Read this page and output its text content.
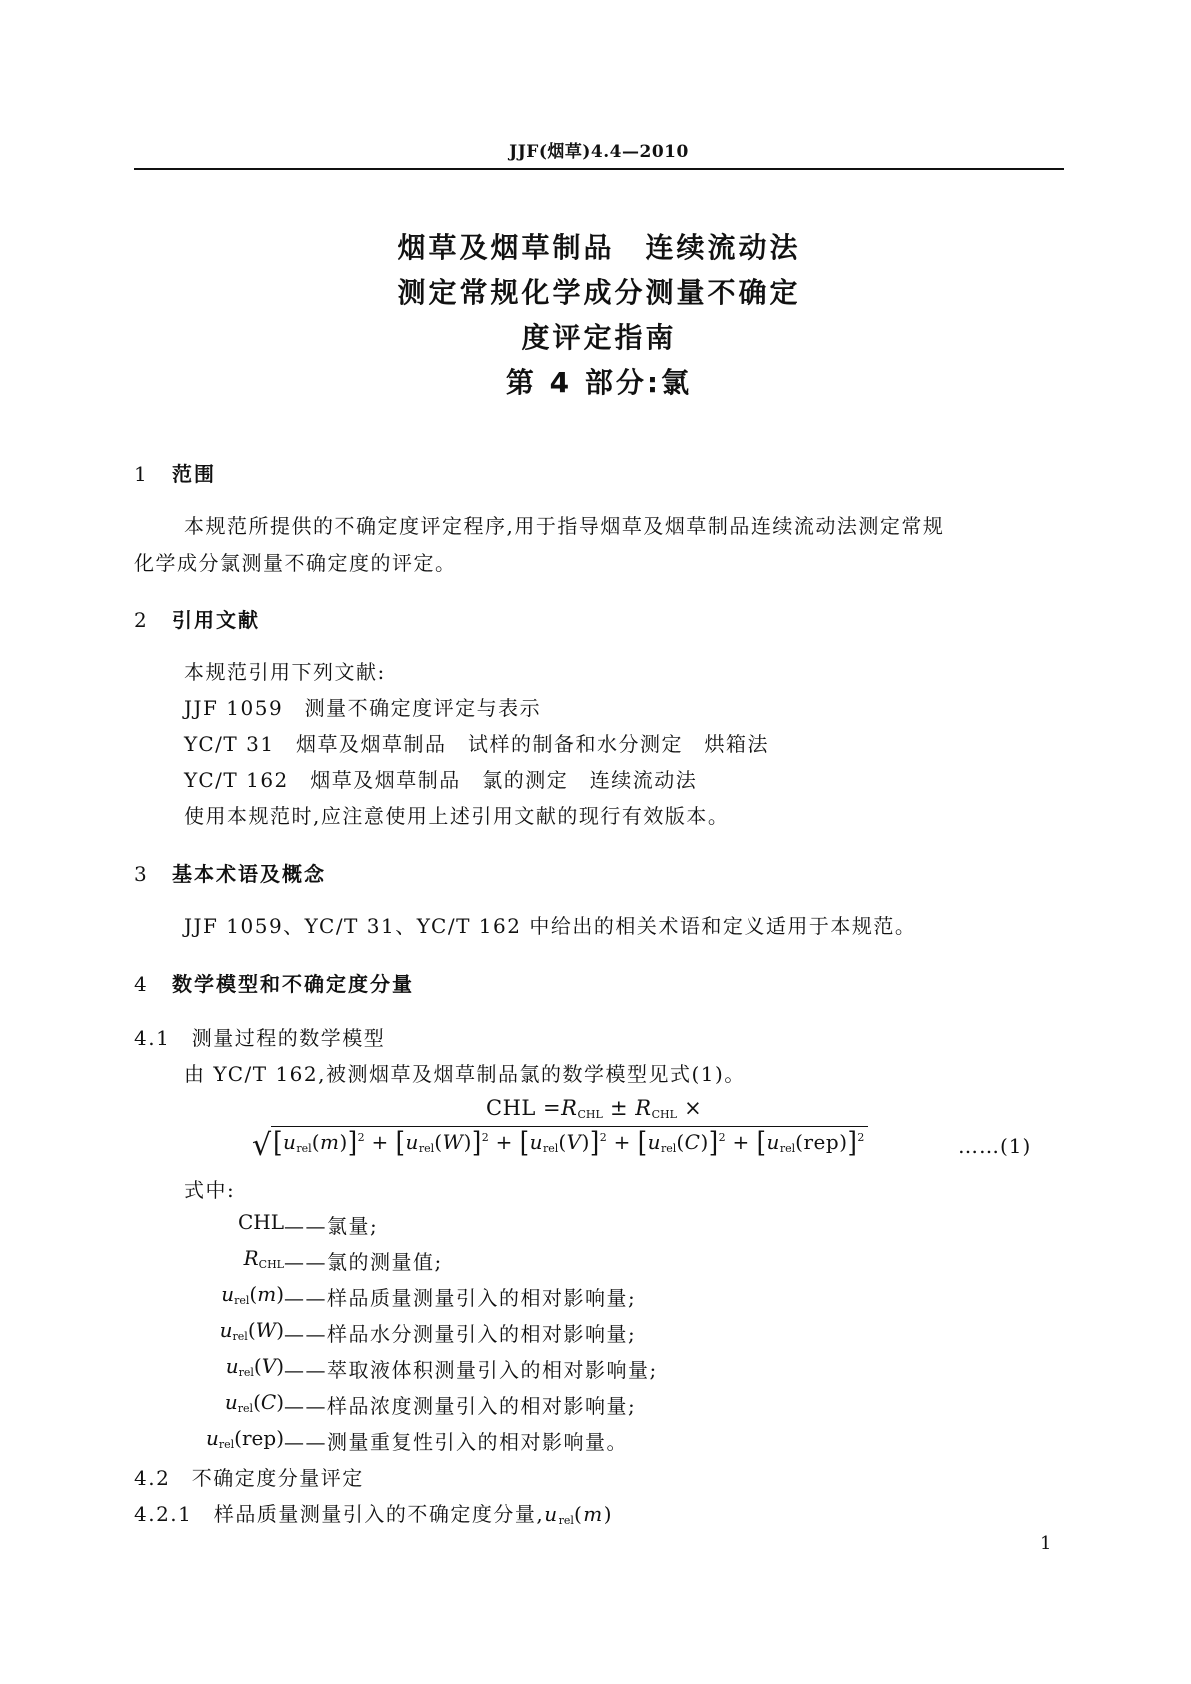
JJF(烟草)4.4—2010
烟草及烟草制品　连续流动法
测定常规化学成分测量不确定
度评定指南
第 4 部分:氯
1 范围
本规范所提供的不确定度评定程序,用于指导烟草及烟草制品连续流动法测定常规
化学成分氯测量不确定度的评定。
2 引用文献
本规范引用下列文献:
JJF 1059　测量不确定度评定与表示
YC/T 31　烟草及烟草制品　试样的制备和水分测定　烘箱法
YC/T 162　烟草及烟草制品　氯的测定　连续流动法
使用本规范时,应注意使用上述引用文献的现行有效版本。
3 基本术语及概念
JJF 1059、YC/T 31、YC/T 162 中给出的相关术语和定义适用于本规范。
4 数学模型和不确定度分量
4.1　测量过程的数学模型
由 YC/T 162,被测烟草及烟草制品氯的数学模型见式(1)。
CHL $=R_{CHL} \pm R_{CHL}$ ×
$√[u_{rel}(m)]^2 + [u_{rel}(W)]^2 + [u_{rel}(V)]^2 + [u_{rel}(C)]^2 + [u_{rel}(rep)]^2$	……(1)
式中:
CHL ——氯量;
$R_{CHL}$ ——氯的测量值;
$u_{rel}(m)$ ——样品质量测量引入的相对影响量;
$u_{rel}(W)$ ——样品水分测量引入的相对影响量;
$u_{rel}(V)$ ——萃取液体积测量引入的相对影响量;
$u_{rel}(C)$ ——样品浓度测量引入的相对影响量;
$u_{rel}(rep)$ ——测量重复性引入的相对影响量。
4.2　不确定度分量评定
4.2.1　样品质量测量引入的不确定度分量$,u_{rel}(m)$
1
